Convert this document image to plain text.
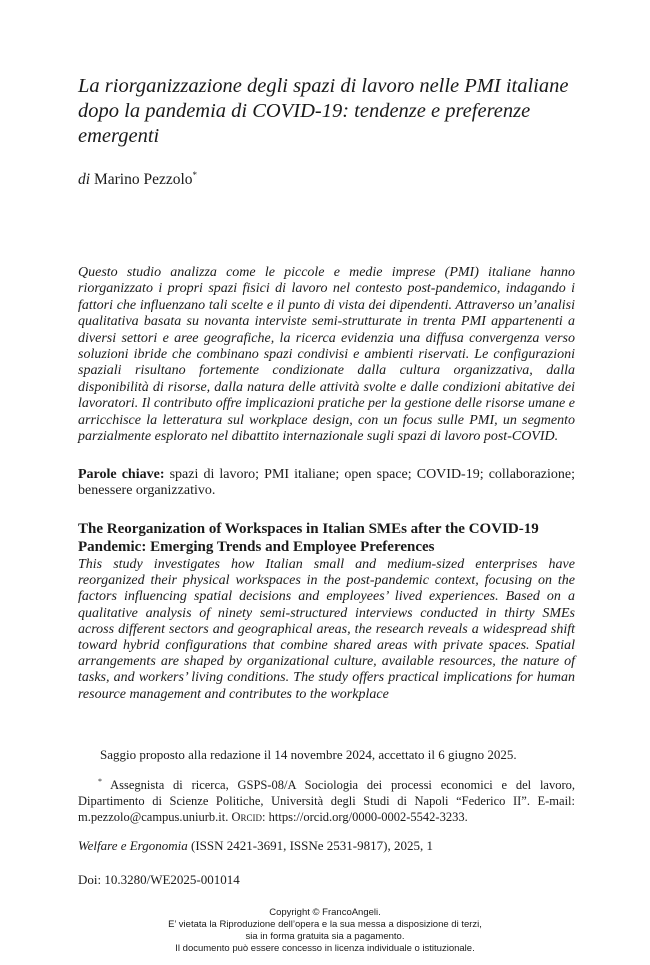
La riorganizzazione degli spazi di lavoro nelle PMI italiane dopo la pandemia di COVID-19: tendenze e preferenze emergenti
di Marino Pezzolo*
Questo studio analizza come le piccole e medie imprese (PMI) italiane hanno riorganizzato i propri spazi fisici di lavoro nel contesto post-pandemico, indagando i fattori che influenzano tali scelte e il punto di vista dei dipendenti. Attraverso un’analisi qualitativa basata su novanta interviste semi-strutturate in trenta PMI appartenenti a diversi settori e aree geografiche, la ricerca evidenzia una diffusa convergenza verso soluzioni ibride che combinano spazi condivisi e ambienti riservati. Le configurazioni spaziali risultano fortemente condizionate dalla cultura organizzativa, dalla disponibilità di risorse, dalla natura delle attività svolte e dalle condizioni abitative dei lavoratori. Il contributo offre implicazioni pratiche per la gestione delle risorse umane e arricchisce la letteratura sul workplace design, con un focus sulle PMI, un segmento parzialmente esplorato nel dibattito internazionale sugli spazi di lavoro post-COVID.
Parole chiave: spazi di lavoro; PMI italiane; open space; COVID-19; collaborazione; benessere organizzativo.
The Reorganization of Workspaces in Italian SMEs after the COVID-19 Pandemic: Emerging Trends and Employee Preferences
This study investigates how Italian small and medium-sized enterprises have reorganized their physical workspaces in the post-pandemic context, focusing on the factors influencing spatial decisions and employees’ lived experiences. Based on a qualitative analysis of ninety semi-structured interviews conducted in thirty SMEs across different sectors and geographical areas, the research reveals a widespread shift toward hybrid configurations that combine shared areas with private spaces. Spatial arrangements are shaped by organizational culture, available resources, the nature of tasks, and workers’ living conditions. The study offers practical implications for human resource management and contributes to the workplace
Saggio proposto alla redazione il 14 novembre 2024, accettato il 6 giugno 2025.
* Assegnista di ricerca, GSPS-08/A Sociologia dei processi economici e del lavoro, Dipartimento di Scienze Politiche, Università degli Studi di Napoli “Federico II”. E-mail: m.pezzolo@campus.uniurb.it. Orcid: https://orcid.org/0000-0002-5542-3233.
Welfare e Ergonomia (ISSN 2421-3691, ISSNe 2531-9817), 2025, 1
Doi: 10.3280/WE2025-001014
Copyright © FrancoAngeli.
E’ vietata la Riproduzione dell’opera e la sua messa a disposizione di terzi,
sia in forma gratuita sia a pagamento.
Il documento può essere concesso in licenza individuale o istituzionale.
